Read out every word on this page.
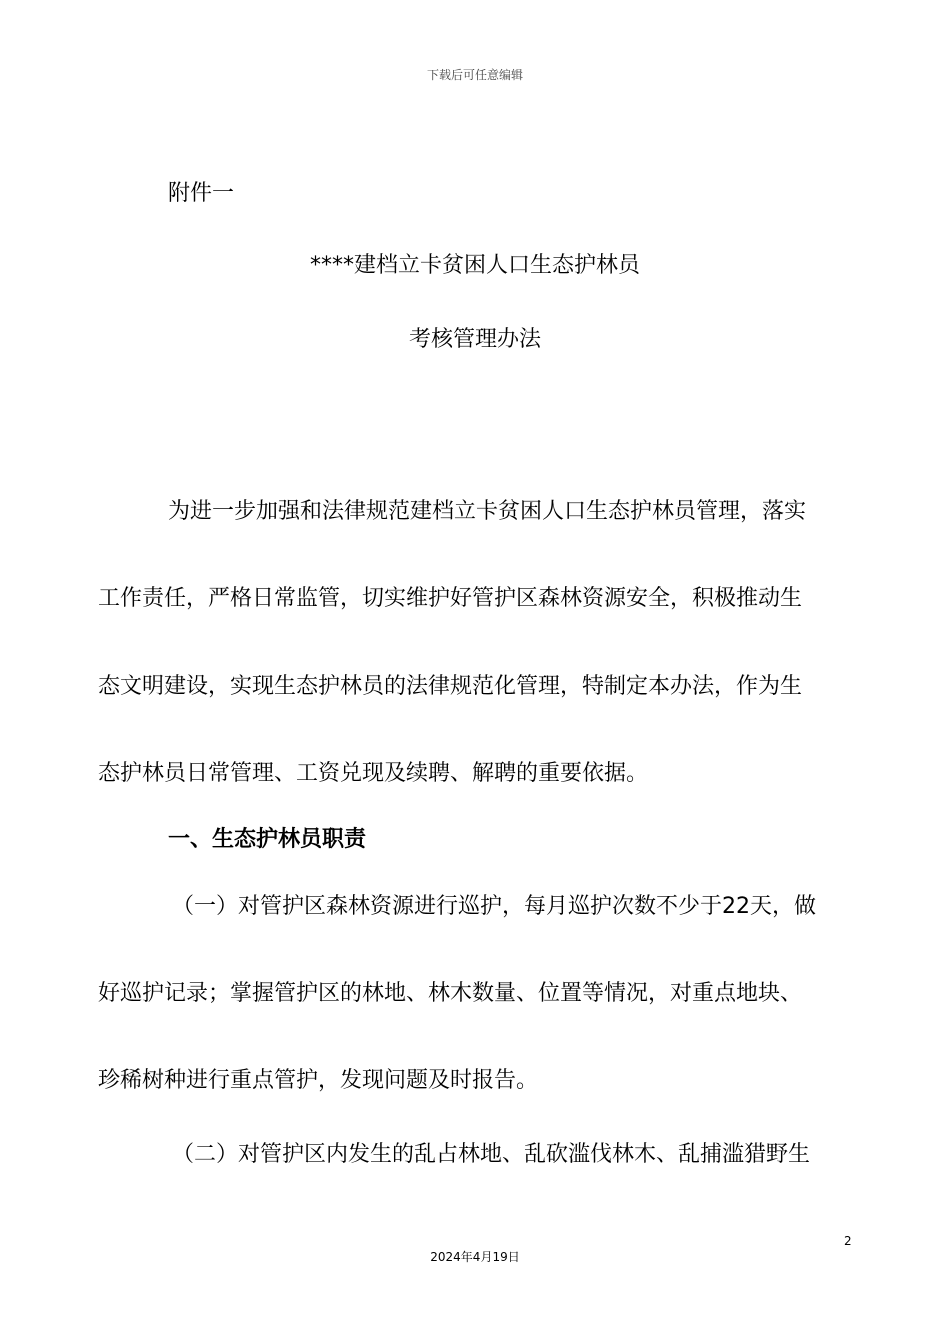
下载后可任意编辑
附件一
****建档立卡贫困人口生态护林员
考核管理办法
为进一步加强和法律规范建档立卡贫困人口生态护林员管理，落实
工作责任，严格日常监管，切实维护好管护区森林资源安全，积极推动生
态文明建设，实现生态护林员的法律规范化管理，特制定本办法，作为生
态护林员日常管理、工资兑现及续聘、解聘的重要依据。
一、生态护林员职责
（一）对管护区森林资源进行巡护，每月巡护次数不少于22天，做
好巡护记录；掌握管护区的林地、林木数量、位置等情况，对重点地块、
珍稀树种进行重点管护，发现问题及时报告。
（二）对管护区内发生的乱占林地、乱砍滥伐林木、乱捕滥猎野生
2
2024年4月19日
